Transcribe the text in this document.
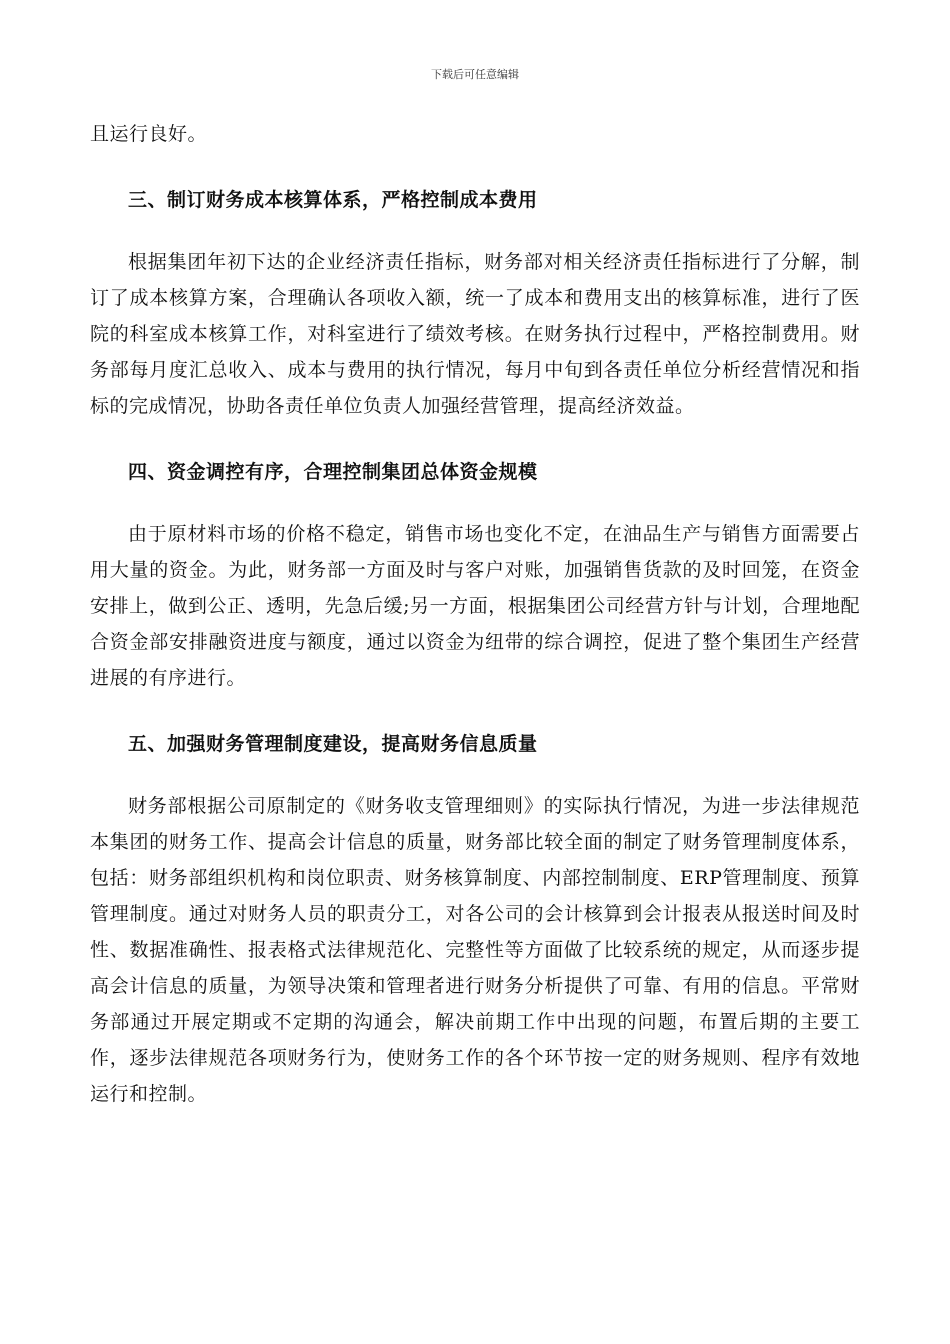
下载后可任意编辑

且运行良好。

三、制订财务成本核算体系，严格控制成本费用

根据集团年初下达的企业经济责任指标，财务部对相关经济责任指标进行了分解，制订了成本核算方案，合理确认各项收入额，统一了成本和费用支出的核算标准，进行了医院的科室成本核算工作，对科室进行了绩效考核。在财务执行过程中，严格控制费用。财务部每月度汇总收入、成本与费用的执行情况，每月中旬到各责任单位分析经营情况和指标的完成情况，协助各责任单位负责人加强经营管理，提高经济效益。

四、资金调控有序，合理控制集团总体资金规模

由于原材料市场的价格不稳定，销售市场也变化不定，在油品生产与销售方面需要占用大量的资金。为此，财务部一方面及时与客户对账，加强销售货款的及时回笼，在资金安排上，做到公正、透明，先急后缓;另一方面，根据集团公司经营方针与计划，合理地配合资金部安排融资进度与额度，通过以资金为纽带的综合调控，促进了整个集团生产经营进展的有序进行。

五、加强财务管理制度建设，提高财务信息质量

财务部根据公司原制定的《财务收支管理细则》的实际执行情况，为进一步法律规范本集团的财务工作、提高会计信息的质量，财务部比较全面的制定了财务管理制度体系，包括：财务部组织机构和岗位职责、财务核算制度、内部控制制度、ERP管理制度、预算管理制度。通过对财务人员的职责分工，对各公司的会计核算到会计报表从报送时间及时性、数据准确性、报表格式法律规范化、完整性等方面做了比较系统的规定，从而逐步提高会计信息的质量，为领导决策和管理者进行财务分析提供了可靠、有用的信息。平常财务部通过开展定期或不定期的沟通会，解决前期工作中出现的问题，布置后期的主要工作，逐步法律规范各项财务行为，使财务工作的各个环节按一定的财务规则、程序有效地运行和控制。
